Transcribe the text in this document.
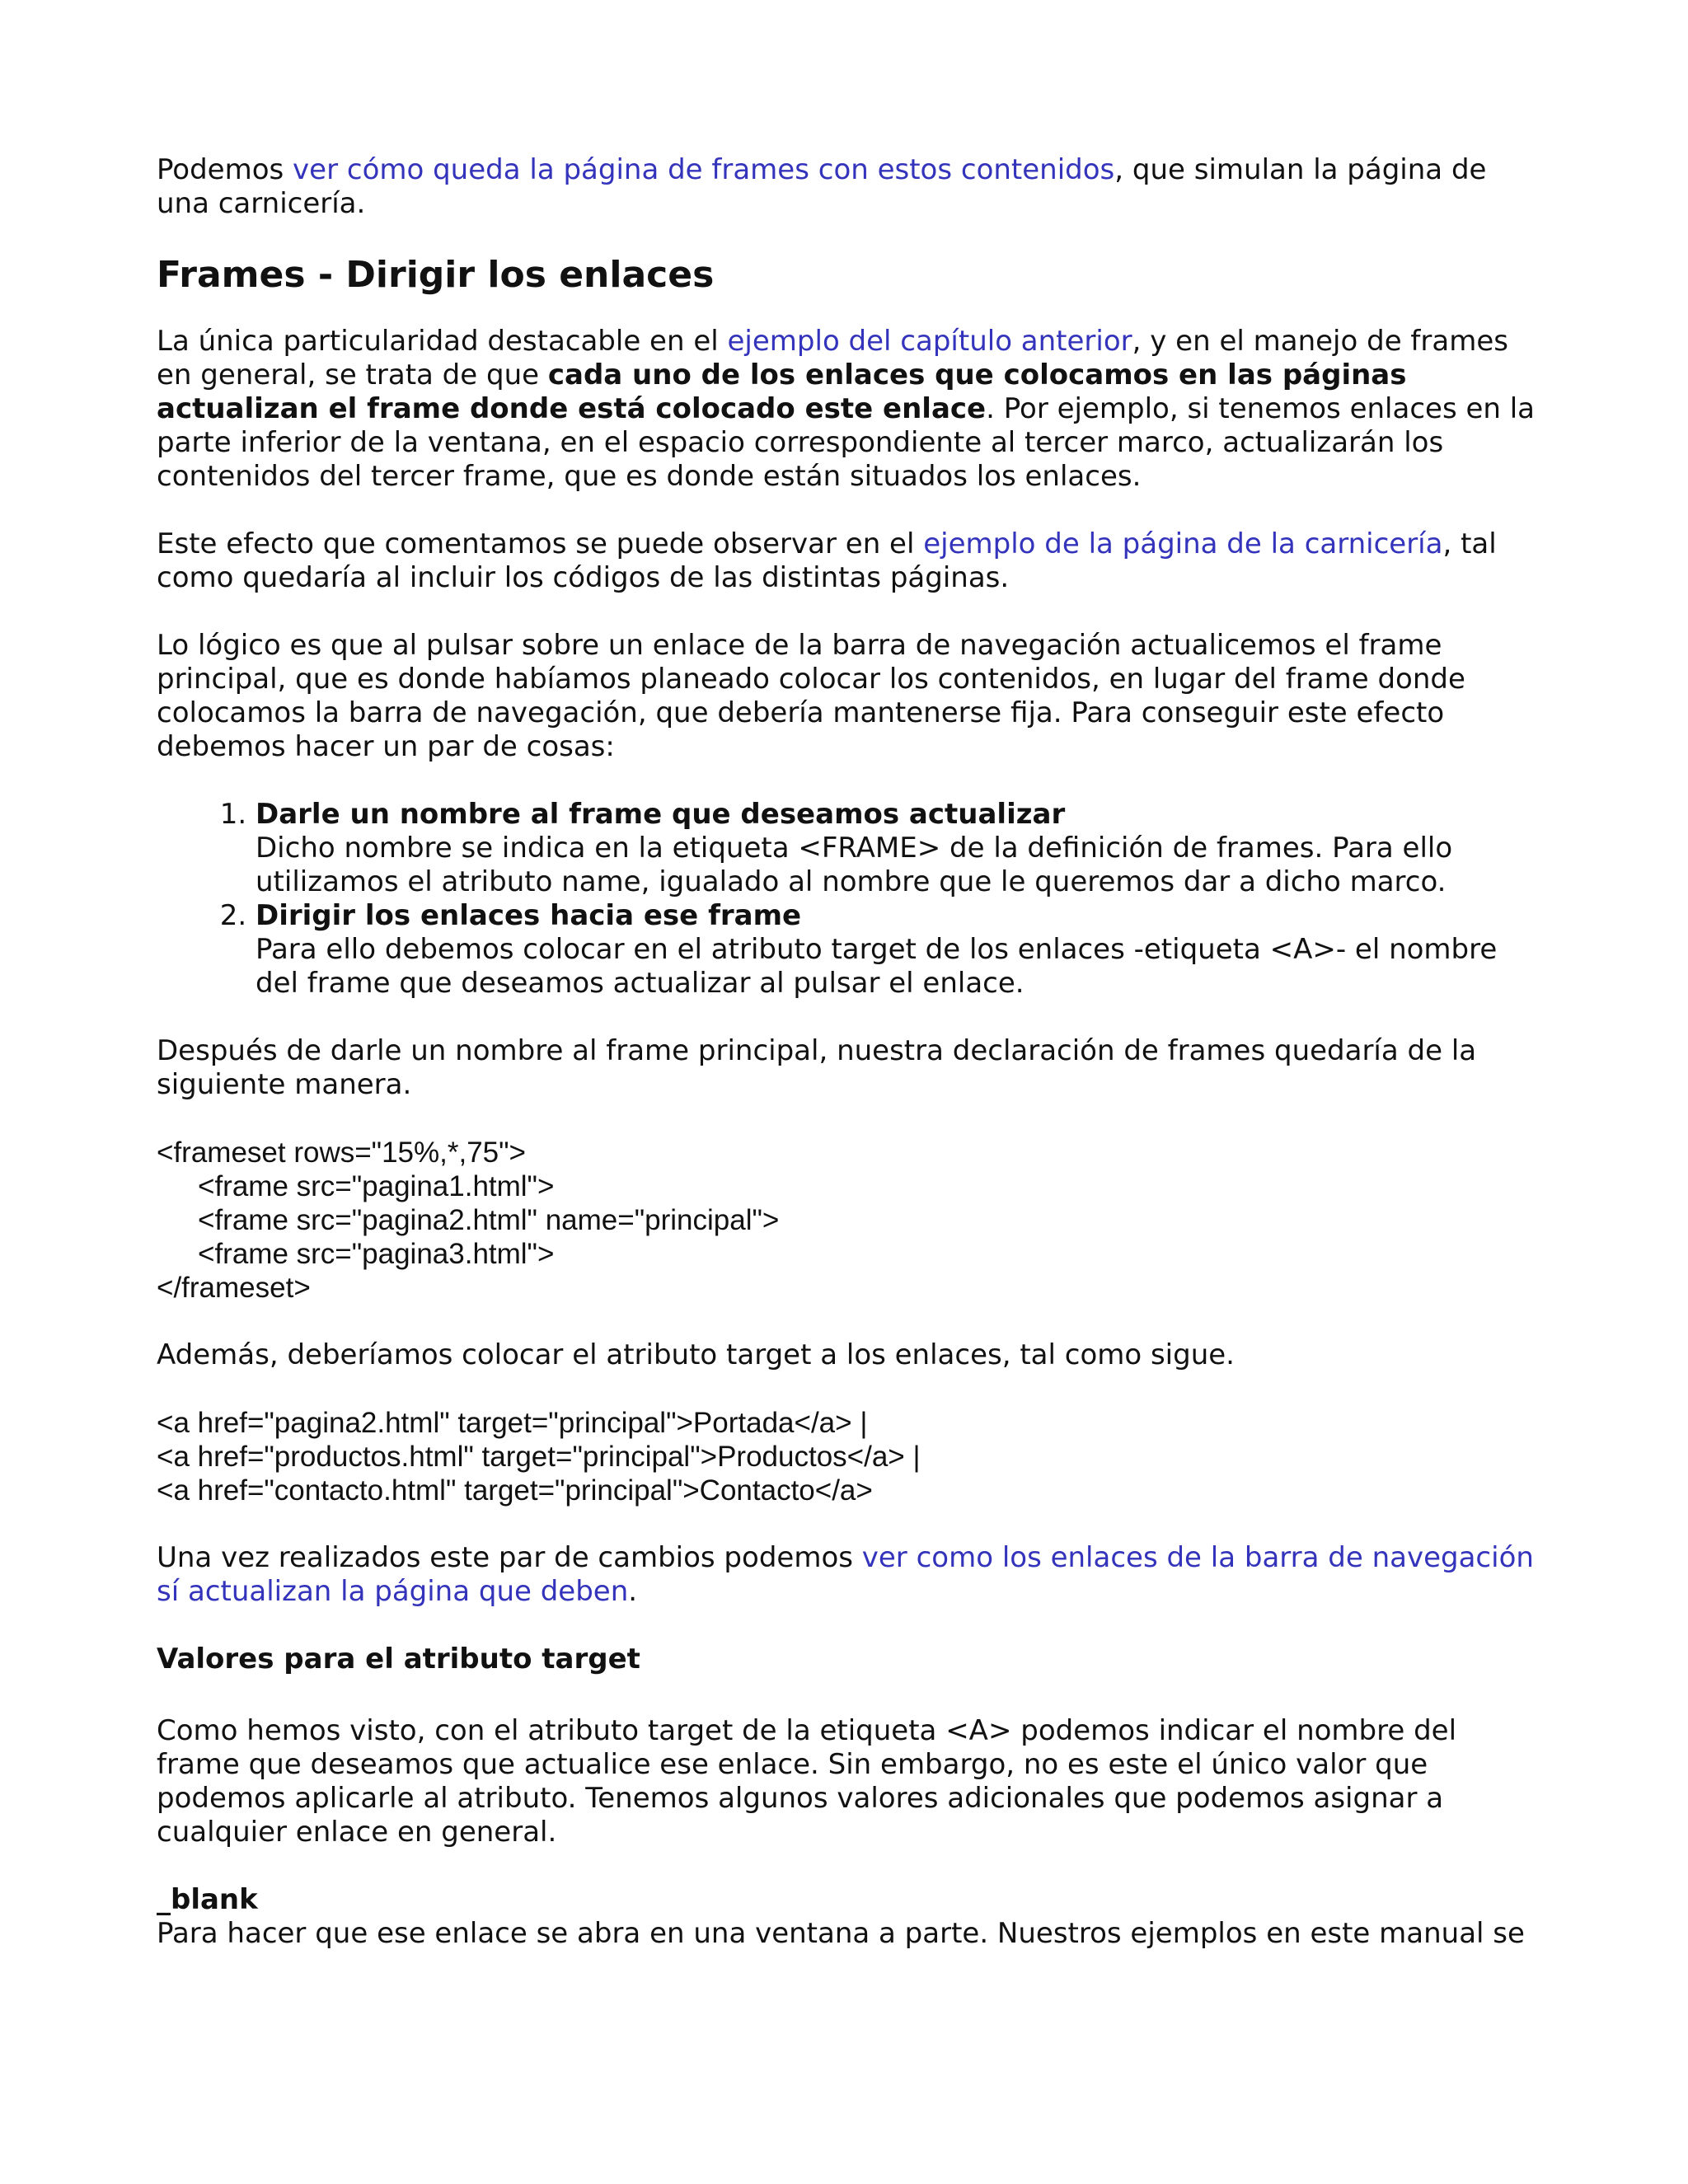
Podemos ver cómo queda la página de frames con estos contenidos, que simulan la página de una carnicería.

Frames - Dirigir los enlaces

La única particularidad destacable en el ejemplo del capítulo anterior, y en el manejo de frames en general, se trata de que cada uno de los enlaces que colocamos en las páginas actualizan el frame donde está colocado este enlace. Por ejemplo, si tenemos enlaces en la parte inferior de la ventana, en el espacio correspondiente al tercer marco, actualizarán los contenidos del tercer frame, que es donde están situados los enlaces.

Este efecto que comentamos se puede observar en el ejemplo de la página de la carnicería, tal como quedaría al incluir los códigos de las distintas páginas.

Lo lógico es que al pulsar sobre un enlace de la barra de navegación actualicemos el frame principal, que es donde habíamos planeado colocar los contenidos, en lugar del frame donde colocamos la barra de navegación, que debería mantenerse fija. Para conseguir este efecto debemos hacer un par de cosas:

1. Darle un nombre al frame que deseamos actualizar
Dicho nombre se indica en la etiqueta <FRAME> de la definición de frames. Para ello utilizamos el atributo name, igualado al nombre que le queremos dar a dicho marco.
2. Dirigir los enlaces hacia ese frame
Para ello debemos colocar en el atributo target de los enlaces -etiqueta <A>- el nombre del frame que deseamos actualizar al pulsar el enlace.

Después de darle un nombre al frame principal, nuestra declaración de frames quedaría de la siguiente manera.

<frameset rows="15%,*,75">
<frame src="pagina1.html">
<frame src="pagina2.html" name="principal">
<frame src="pagina3.html">
</frameset>

Además, deberíamos colocar el atributo target a los enlaces, tal como sigue.

<a href="pagina2.html" target="principal">Portada</a> |
<a href="productos.html" target="principal">Productos</a> |
<a href="contacto.html" target="principal">Contacto</a>

Una vez realizados este par de cambios podemos ver como los enlaces de la barra de navegación sí actualizan la página que deben.

Valores para el atributo target

Como hemos visto, con el atributo target de la etiqueta <A> podemos indicar el nombre del frame que deseamos que actualice ese enlace. Sin embargo, no es este el único valor que podemos aplicarle al atributo. Tenemos algunos valores adicionales que podemos asignar a cualquier enlace en general.

_blank

Para hacer que ese enlace se abra en una ventana a parte. Nuestros ejemplos en este manual se
